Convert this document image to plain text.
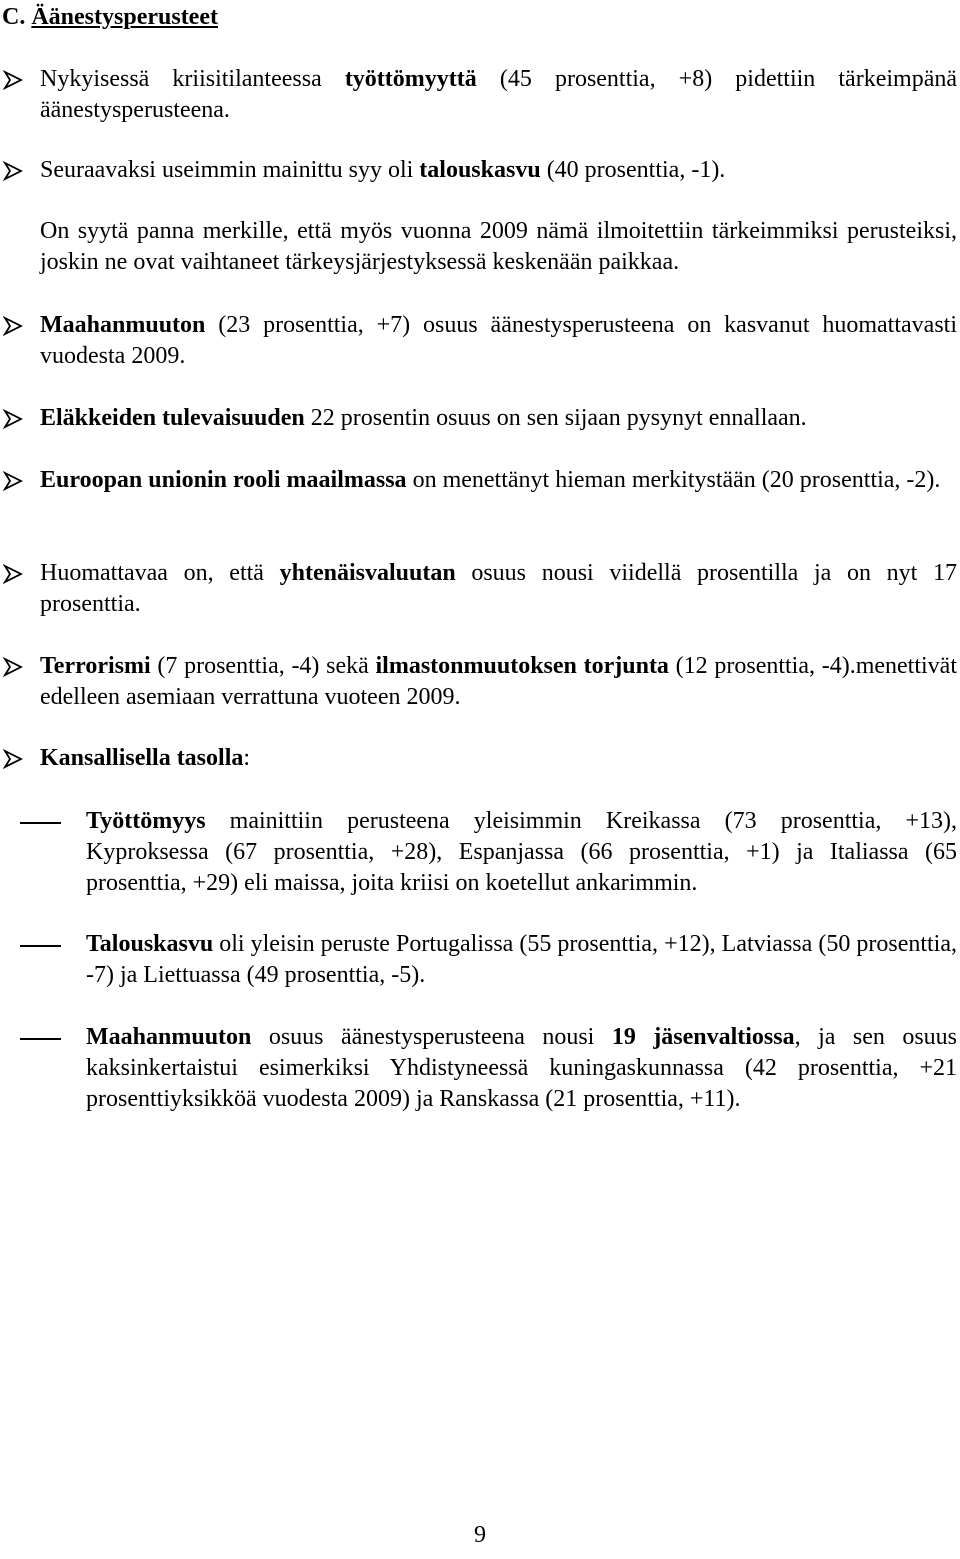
C. Äänestysperusteet
Nykyisessä kriisitilanteessa työttömyyttä (45 prosenttia, +8) pidettiin tärkeimpänä äänestysperusteena.
Seuraavaksi useimmin mainittu syy oli talouskasvu (40 prosenttia, -1).
On syytä panna merkille, että myös vuonna 2009 nämä ilmoitettiin tärkeimmiksi perusteiksi, joskin ne ovat vaihtaneet tärkeysjärjestyksessä keskenään paikkaa.
Maahanmuuton (23 prosenttia, +7) osuus äänestysperusteena on kasvanut huomattavasti vuodesta 2009.
Eläkkeiden tulevaisuuden 22 prosentin osuus on sen sijaan pysynyt ennallaan.
Euroopan unionin rooli maailmassa on menettänyt hieman merkitystään (20 prosenttia, -2).
Huomattavaa on, että yhtenäisvaluutan osuus nousi viidellä prosentilla ja on nyt 17 prosenttia.
Terrorismi (7 prosenttia, -4) sekä ilmastonmuutoksen torjunta (12 prosenttia, -4).menettivät edelleen asemiaan verrattuna vuoteen 2009.
Kansallisella tasolla:
Työttömyys mainittiin perusteena yleisimmin Kreikassa (73 prosenttia, +13), Kyproksessa (67 prosenttia, +28), Espanjassa (66 prosenttia, +1) ja Italiassa (65 prosenttia, +29) eli maissa, joita kriisi on koetellut ankarimmin.
Talouskasvu oli yleisin peruste Portugalissa (55 prosenttia, +12), Latviassa (50 prosenttia, -7) ja Liettuassa (49 prosenttia, -5).
Maahanmuuton osuus äänestysperusteena nousi 19 jäsenvaltiossa, ja sen osuus kaksinkertaistui esimerkiksi Yhdistyneessä kuningaskunnassa (42 prosenttia, +21 prosenttiyksikköä vuodesta 2009) ja Ranskassa (21 prosenttia, +11).
9
